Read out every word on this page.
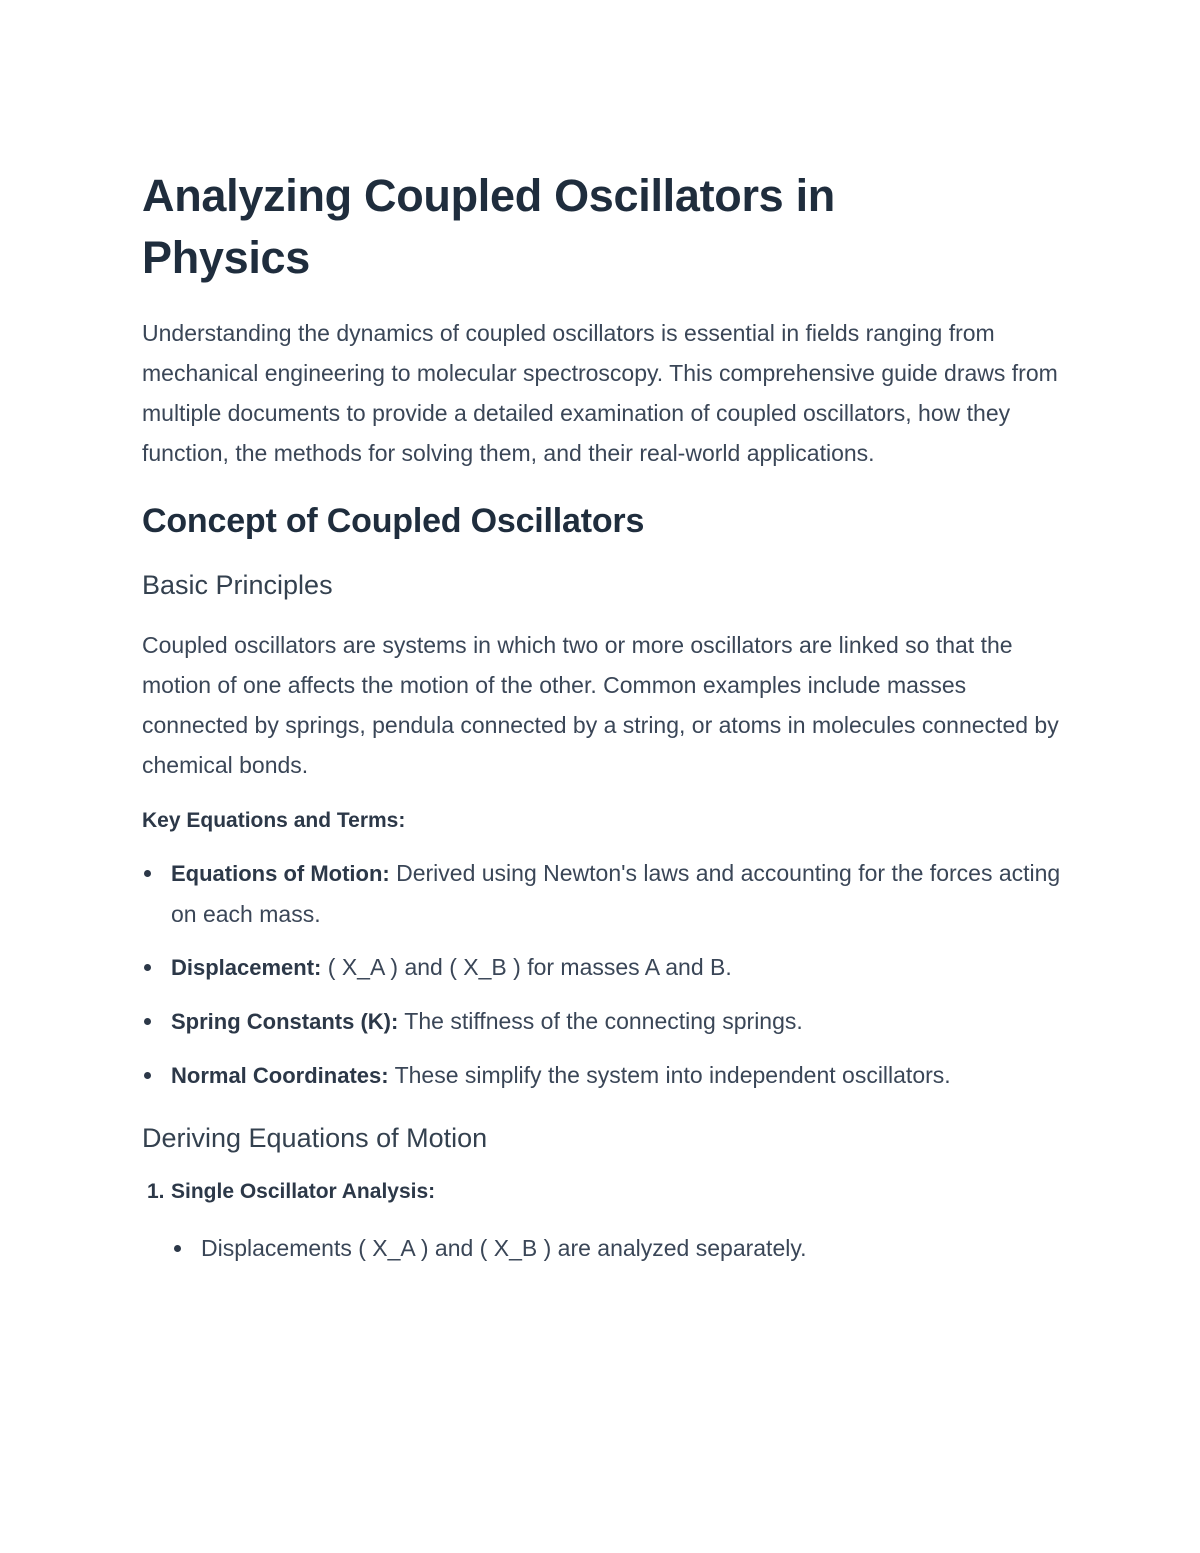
Analyzing Coupled Oscillators in
Physics

Understanding the dynamics of coupled oscillators is essential in fields ranging from mechanical engineering to molecular spectroscopy. This comprehensive guide draws from multiple documents to provide a detailed examination of coupled oscillators, how they function, the methods for solving them, and their real-world applications.

Concept of Coupled Oscillators
Basic Principles

Coupled oscillators are systems in which two or more oscillators are linked so that the motion of one affects the motion of the other. Common examples include masses connected by springs, pendula connected by a string, or atoms in molecules connected by chemical bonds.

Key Equations and Terms:
Equations of Motion: Derived using Newton's laws and accounting for the forces acting on each mass.
Displacement: ( X_A ) and ( X_B ) for masses A and B.
Spring Constants (K): The stiffness of the connecting springs.
Normal Coordinates: These simplify the system into independent oscillators.
Deriving Equations of Motion
1. Single Oscillator Analysis:
Displacements ( X_A ) and ( X_B ) are analyzed separately.
